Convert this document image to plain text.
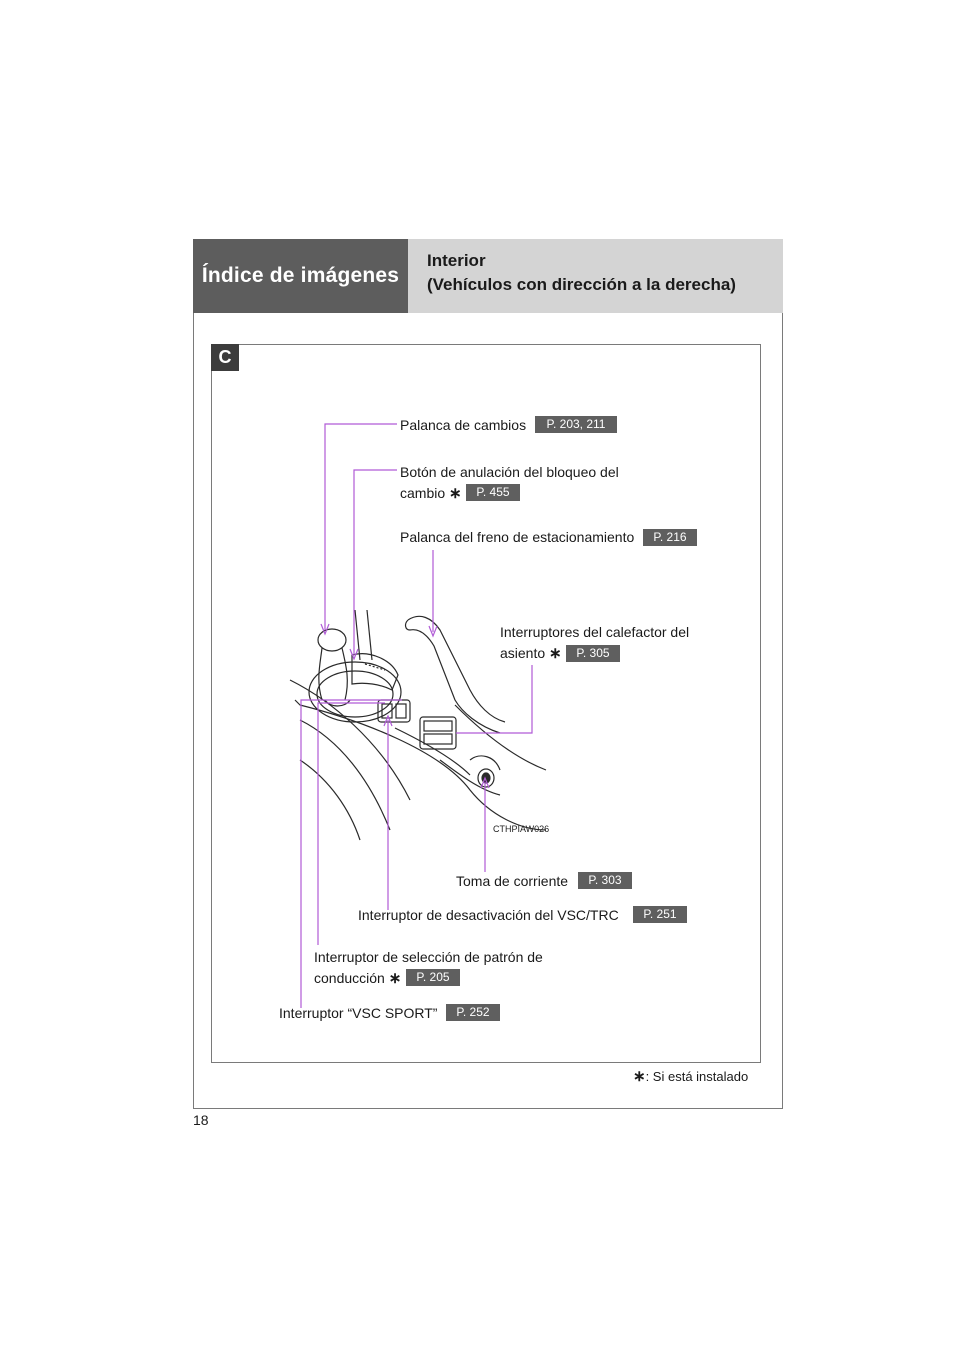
Índice de imágenes
Interior
(Vehículos con dirección a la derecha)
C
Palanca de cambios	P. 203, 211
Botón de anulación del bloqueo del
cambio ∗	P. 455
Palanca del freno de estacionamiento	P. 216
Interruptores del calefactor del
asiento ∗	P. 305
CTHPIAW026
Toma de corriente	P. 303
Interruptor de desactivación del VSC/TRC	P. 251
Interruptor de selección de patrón de
conducción ∗	P. 205
Interruptor “VSC SPORT”	P. 252
∗: Si está instalado
18
